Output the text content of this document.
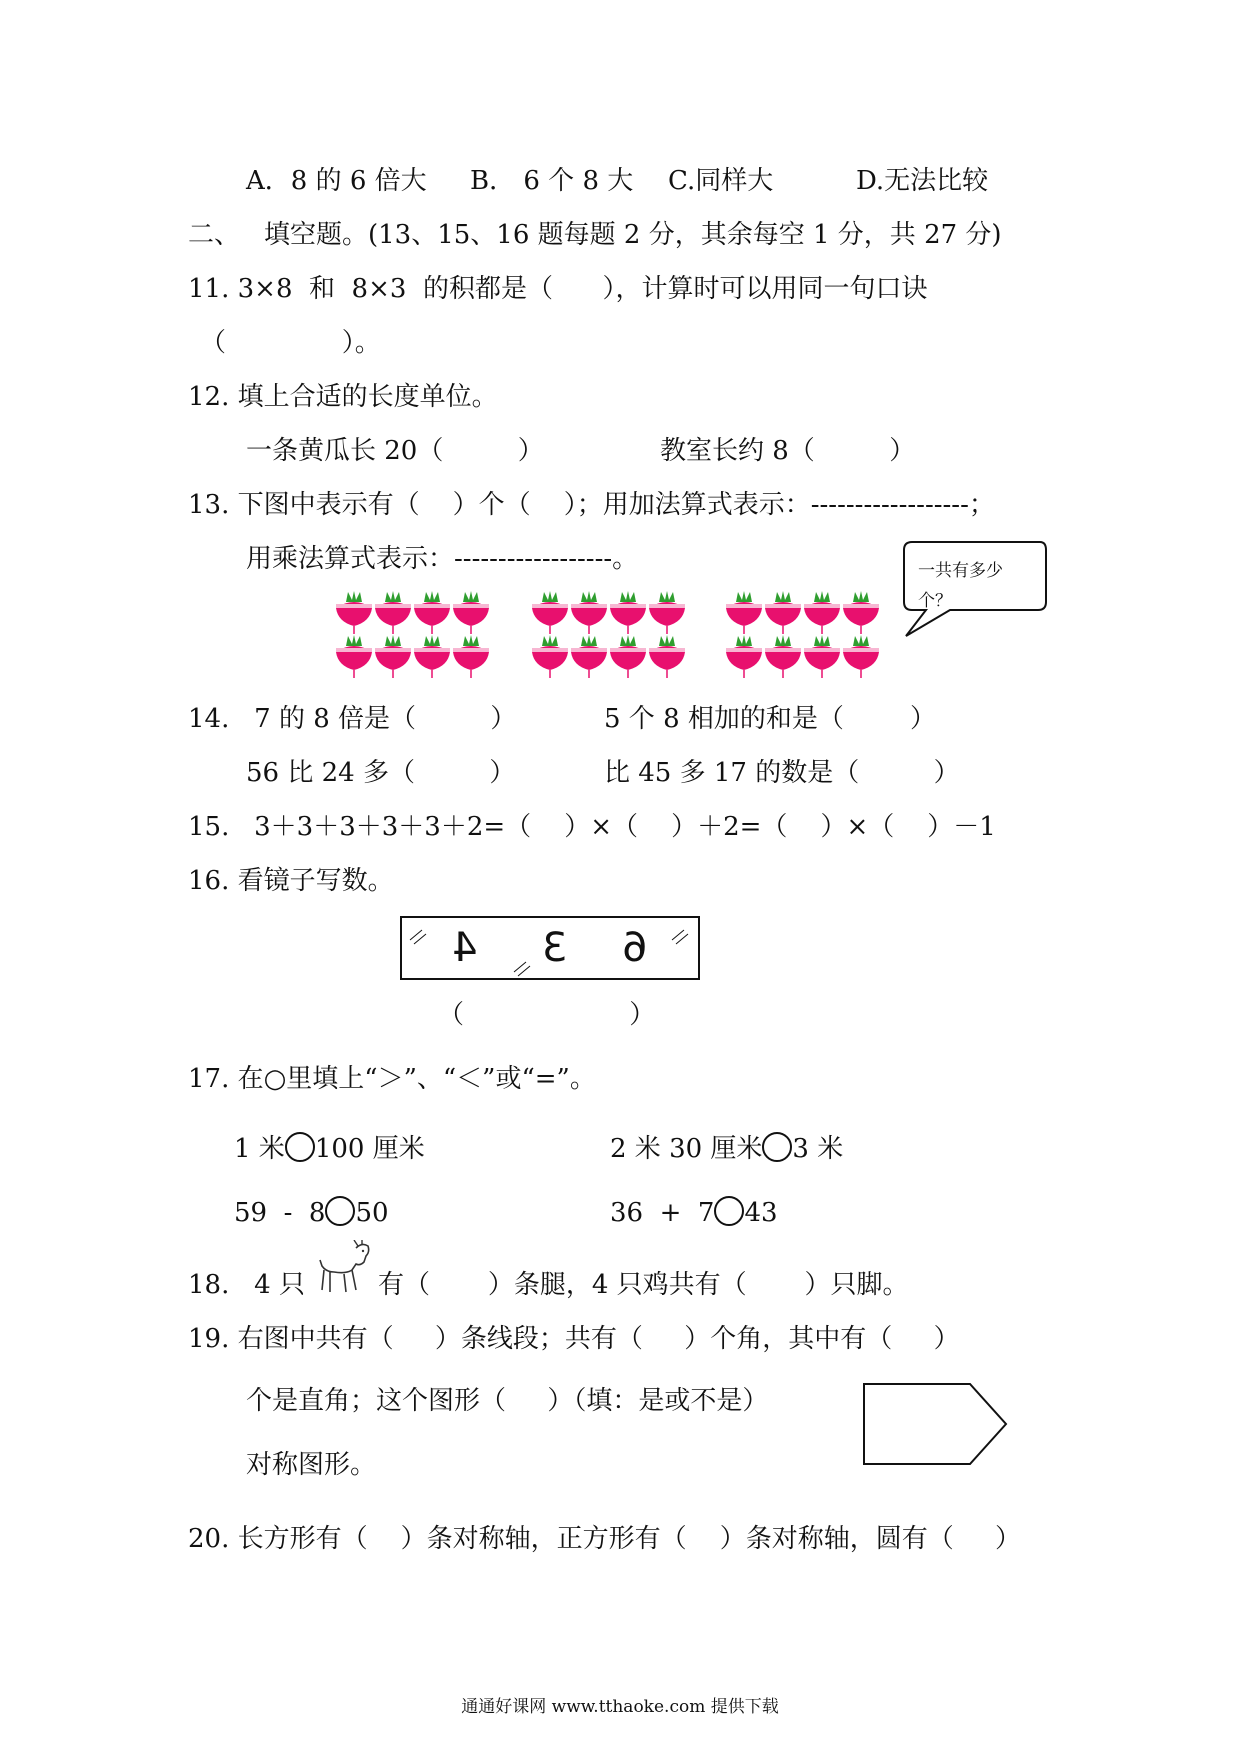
A．8 的 6 倍大 B． 6 个 8 大 C.同样大	D.无法比较
二、 填空题。(13、15、16 题每题 2 分，其余每空 1 分，共 27 分)
11. 3×8  和  8×3  的积都是（      ），计算时可以用同一句口诀
（              ）。
12. 填上合适的长度单位。
一条黄瓜长 20（         ）	教室长约 8（         ）
13. 下图中表示有（    ）个（    ）；用加法算式表示：------------------；
用乘法算式表示：------------------。	一共有多少
个？
14.   7 的 8 倍是（         ）	5 个 8 相加的和是（        ）
56 比 24 多（         ）	比 45 多 17 的数是（         ）
15.   3＋3＋3＋3＋3＋2=（    ）×（    ）＋2=（    ）×（    ）－1
16. 看镜子写数。
4 3 6
（                    ）
17. 在○里填上“＞”、“＜”或“=”。
1 米 100 厘米	2 米 30 厘米 3 米
59  -  8 50	36  +  7 43
18.   4 只	有（       ）条腿，4 只鸡共有（       ）只脚。
19. 右图中共有（     ）条线段；共有（     ）个角，其中有（     ）
个是直角；这个图形（     ）（填：是或不是）
对称图形。
20. 长方形有（    ）条对称轴，正方形有（    ）条对称轴，圆有（     ）
通通好课网 www.tthaoke.com 提供下载
